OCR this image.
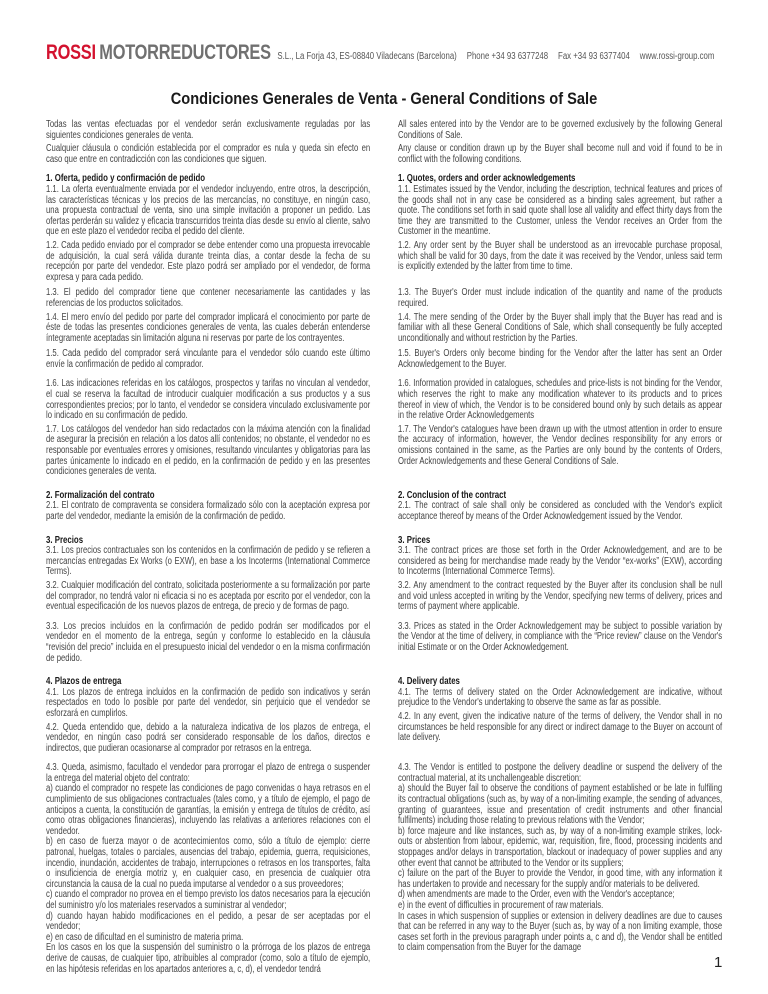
ROSSI MOTORREDUCTORES S.L., La Forja 43, ES-08840 Viladecans (Barcelona) Phone +34 93 6377248 Fax +34 93 6377404 www.rossi-group.com
Condiciones Generales de Venta - General Conditions of Sale

Todas las ventas efectuadas por el vendedor serán exclusivamente reguladas por las siguientes condiciones generales de venta.

Cualquier cláusula o condición establecida por el comprador es nula y queda sin efecto en caso que entre en contradicción con las condiciones que siguen.

All sales entered into by the Vendor are to be governed exclusively by the following General Conditions of Sale.

Any clause or condition drawn up by the Buyer shall become null and void if found to be in conflict with the following conditions.

1. Oferta, pedido y confirmación de pedido

1.1. La oferta eventualmente enviada por el vendedor incluyendo, entre otros, la descripción, las características técnicas y los precios de las mercancías, no constituye, en ningún caso, una propuesta contractual de venta, sino una simple invitación a proponer un pedido. Las ofertas perderán su validez y eficacia transcurridos treinta días desde su envío al cliente, salvo que en este plazo el vendedor reciba el pedido del cliente.

1.2. Cada pedido enviado por el comprador se debe entender como una propuesta irrevocable de adquisición, la cual será válida durante treinta días, a contar desde la fecha de su recepción por parte del vendedor. Este plazo podrá ser ampliado por el vendedor, de forma expresa y para cada pedido.

1. Quotes, orders and order acknowledgements

1.1. Estimates issued by the Vendor, including the description, technical features and prices of the goods shall not in any case be considered as a binding sales agreement, but rather a quote. The conditions set forth in said quote shall lose all validity and effect thirty days from the time they are transmitted to the Customer, unless the Vendor receives an Order from the Customer in the meantime.

1.2. Any order sent by the Buyer shall be understood as an irrevocable purchase proposal, which shall be valid for 30 days, from the date it was received by the Vendor, unless said term is explicitly extended by the latter from time to time.

1.3. El pedido del comprador tiene que contener necesariamente las cantidades y las referencias de los productos solicitados.

1.4. El mero envío del pedido por parte del comprador implicará el conocimiento por parte de éste de todas las presentes condiciones generales de venta, las cuales deberán entenderse íntegramente aceptadas sin limitación alguna ni reservas por parte de los contrayentes.

1.3. The Buyer's Order must include indication of the quantity and name of the products required.

1.4. The mere sending of the Order by the Buyer shall imply that the Buyer has read and is familiar with all these General Conditions of Sale, which shall consequently be fully accepted unconditionally and without restriction by the Parties.

1.5. Cada pedido del comprador será vinculante para el vendedor sólo cuando este último envíe la confirmación de pedido al comprador.

1.5. Buyer's Orders only become binding for the Vendor after the latter has sent an Order Acknowledgement to the Buyer.

1.6. Las indicaciones referidas en los catálogos, prospectos y tarifas no vinculan al vendedor, el cual se reserva la facultad de introducir cualquier modificación a sus productos y a sus correspondientes precios; por lo tanto, el vendedor se considera vinculado exclusivamente por lo indicado en su confirmación de pedido.

1.7. Los catálogos del vendedor han sido redactados con la máxima atención con la finalidad de asegurar la precisión en relación a los datos allí contenidos; no obstante, el vendedor no es responsable por eventuales errores y omisiones, resultando vinculantes y obligatorias para las partes únicamente lo indicado en el pedido, en la confirmación de pedido y en las presentes condiciones generales de venta.

1.6. Information provided in catalogues, schedules and price-lists is not binding for the Vendor, which reserves the right to make any modification whatever to its products and to prices thereof in view of which, the Vendor is to be considered bound only by such details as appear in the relative Order Acknowledgements

1.7. The Vendor's catalogues have been drawn up with the utmost attention in order to ensure the accuracy of information, however, the Vendor declines responsibility for any errors or omissions contained in the same, as the Parties are only bound by the contents of Orders, Order Acknowledgements and these General Conditions of Sale.

2. Formalización del contrato

2.1. El contrato de compraventa se considera formalizado sólo con la aceptación expresa por parte del vendedor, mediante la emisión de la confirmación de pedido.

2. Conclusion of the contract

2.1. The contract of sale shall only be considered as concluded with the Vendor's explicit acceptance thereof by means of the Order Acknowledgement issued by the Vendor.

3. Precios

3.1. Los precios contractuales son los contenidos en la confirmación de pedido y se refieren a mercancías entregadas Ex Works (o EXW), en base a los Incoterms (International Commerce Terms).

3.2. Cualquier modificación del contrato, solicitada posteriormente a su formalización por parte del comprador, no tendrá valor ni eficacia si no es aceptada por escrito por el vendedor, con la eventual especificación de los nuevos plazos de entrega, de precio y de formas de pago.

3. Prices

3.1. The contract prices are those set forth in the Order Acknowledgement, and are to be considered as being for merchandise made ready by the Vendor “ex-works” (EXW), according to Incoterms (International Commerce Terms).

3.2. Any amendment to the contract requested by the Buyer after its conclusion shall be null and void unless accepted in writing by the Vendor, specifying new terms of delivery, prices and terms of payment where applicable.

3.3. Los precios incluidos en la confirmación de pedido podrán ser modificados por el vendedor en el momento de la entrega, según y conforme lo establecido en la cláusula “revisión del precio” incluida en el presupuesto inicial del vendedor o en la misma confirmación de pedido.

3.3. Prices as stated in the Order Acknowledgement may be subject to possible variation by the Vendor at the time of delivery, in compliance with the “Price review” clause on the Vendor's initial Estimate or on the Order Acknowledgement.

4. Plazos de entrega

4.1. Los plazos de entrega incluidos en la confirmación de pedido son indicativos y serán respectados en todo lo posible por parte del vendedor, sin perjuicio que el vendedor se esforzará en cumplirlos.

4.2. Queda entendido que, debido a la naturaleza indicativa de los plazos de entrega, el vendedor, en ningún caso podrá ser considerado responsable de los daños, directos e indirectos, que pudieran ocasionarse al comprador por retrasos en la entrega.

4. Delivery dates

4.1. The terms of delivery stated on the Order Acknowledgement are indicative, without prejudice to the Vendor's undertaking to observe the same as far as possible.

4.2. In any event, given the indicative nature of the terms of delivery, the Vendor shall in no circumstances be held responsible for any direct or indirect damage to the Buyer on account of late delivery.

4.3. Queda, asimismo, facultado el vendedor para prorrogar el plazo de entrega o suspender la entrega del material objeto del contrato:

a) cuando el comprador no respete las condiciones de pago convenidas o haya retrasos en el cumplimiento de sus obligaciones contractuales (tales como, y a título de ejemplo, el pago de anticipos a cuenta, la constitución de garantías, la emisión y entrega de títulos de crédito, así como otras obligaciones financieras), incluyendo las relativas a anteriores relaciones con el vendedor.

b) en caso de fuerza mayor o de acontecimientos como, sólo a título de ejemplo: cierre patronal, huelgas, totales o parciales, ausencias del trabajo, epidemia, guerra, requisiciones, incendio, inundación, accidentes de trabajo, interrupciones o retrasos en los transportes, falta o insuficiencia de energía motriz y, en cualquier caso, en presencia de cualquier otra circunstancia la causa de la cual no pueda imputarse al vendedor o a sus proveedores;

c) cuando el comprador no provea en el tiempo previsto los datos necesarios para la ejecución del suministro y/o los materiales reservados a suministrar al vendedor;

d) cuando hayan habido modificaciones en el pedido, a pesar de ser aceptadas por el vendedor;

e) en caso de dificultad en el suministro de materia prima.

En los casos en los que la suspensión del suministro o la prórroga de los plazos de entrega derive de causas, de cualquier tipo, atribuibles al comprador (como, solo a título de ejemplo, en las hipótesis referidas en los apartados anteriores a, c, d), el vendedor tendrá

4.3. The Vendor is entitled to postpone the delivery deadline or suspend the delivery of the contractual material, at its unchallengeable discretion:

a) should the Buyer fail to observe the conditions of payment established or be late in fulfiling its contractual obligations (such as, by way of a non-limiting example, the sending of advances, granting of guarantees, issue and presentation of credit instruments and other financial fulfilments) including those relating to previous relations with the Vendor;

b) force majeure and like instances, such as, by way of a non-limiting example strikes, lock-outs or abstention from labour, epidemic, war, requisition, fire, flood, processing incidents and stoppages and/or delays in transportation, blackout or inadequacy of power supplies and any other event that cannot be attributed to the Vendor or its suppliers;

c) failure on the part of the Buyer to provide the Vendor, in good time, with any information it has undertaken to provide and necessary for the supply and/or materials to be delivered.

d) when amendments are made to the Order, even with the Vendor's acceptance;

e) in the event of difficulties in procurement of raw materials.

In cases in which suspension of supplies or extension in delivery deadlines are due to causes that can be referred in any way to the Buyer (such as, by way of a non limiting example, those cases set forth in the previous paragraph under points a, c and d), the Vendor shall be entitled to claim compensation from the Buyer for the damage

1
